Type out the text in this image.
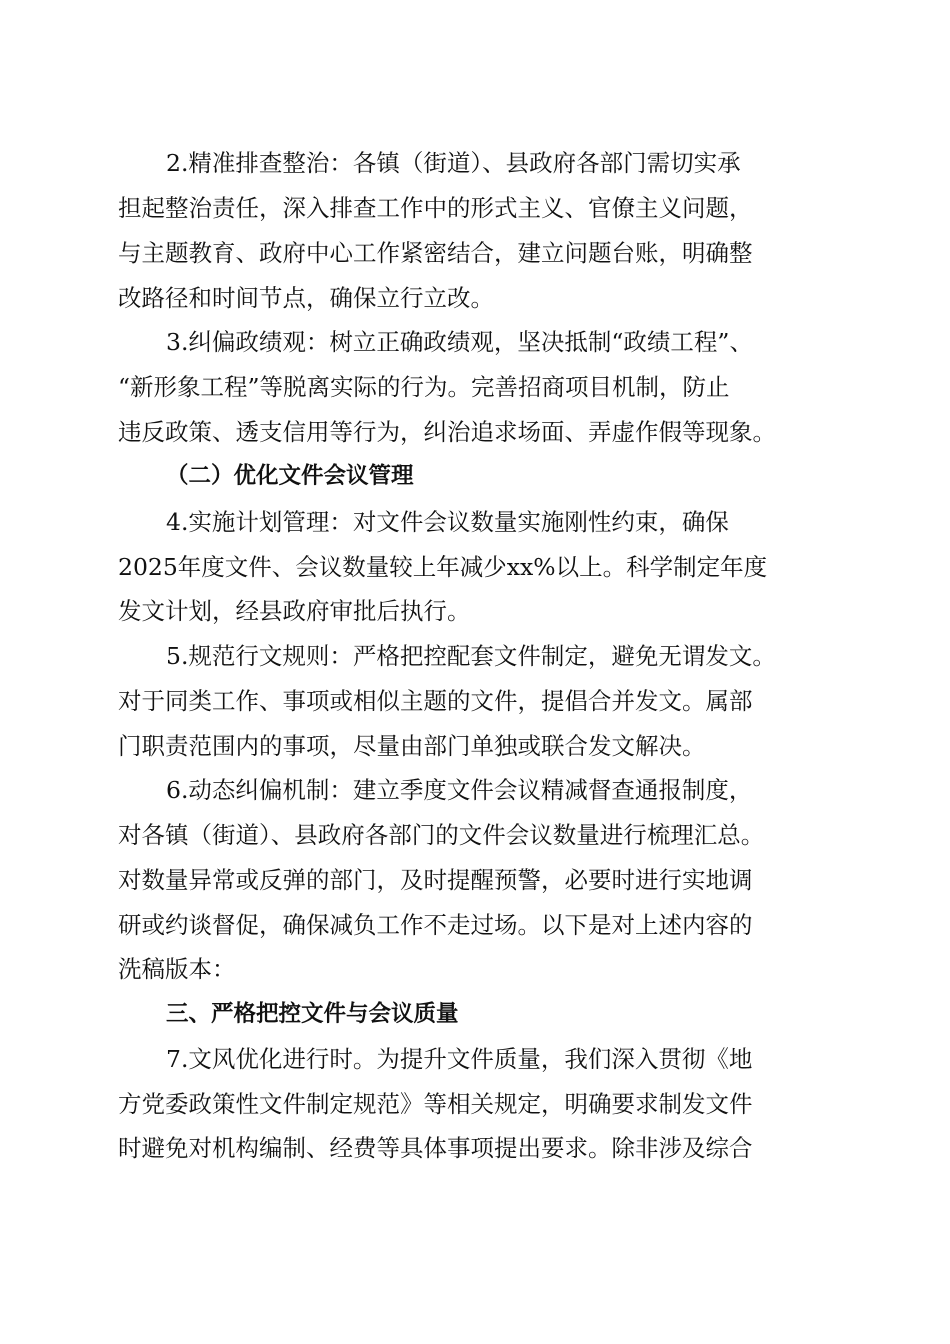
2.精准排查整治：各镇（街道）、县政府各部门需切实承
担起整治责任，深入排查工作中的形式主义、官僚主义问题，
与主题教育、政府中心工作紧密结合，建立问题台账，明确整
改路径和时间节点，确保立行立改。
3.纠偏政绩观：树立正确政绩观，坚决抵制“政绩工程”、
“新形象工程”等脱离实际的行为。完善招商项目机制，防止
违反政策、透支信用等行为，纠治追求场面、弄虚作假等现象。
（二）优化文件会议管理
4.实施计划管理：对文件会议数量实施刚性约束，确保
2025年度文件、会议数量较上年减少xx%以上。科学制定年度
发文计划，经县政府审批后执行。
5.规范行文规则：严格把控配套文件制定，避免无谓发文。
对于同类工作、事项或相似主题的文件，提倡合并发文。属部
门职责范围内的事项，尽量由部门单独或联合发文解决。
6.动态纠偏机制：建立季度文件会议精减督查通报制度，
对各镇（街道）、县政府各部门的文件会议数量进行梳理汇总。
对数量异常或反弹的部门，及时提醒预警，必要时进行实地调
研或约谈督促，确保减负工作不走过场。以下是对上述内容的
洗稿版本：
三、严格把控文件与会议质量
7.文风优化进行时。为提升文件质量，我们深入贯彻《地
方党委政策性文件制定规范》等相关规定，明确要求制发文件
时避免对机构编制、经费等具体事项提出要求。除非涉及综合
